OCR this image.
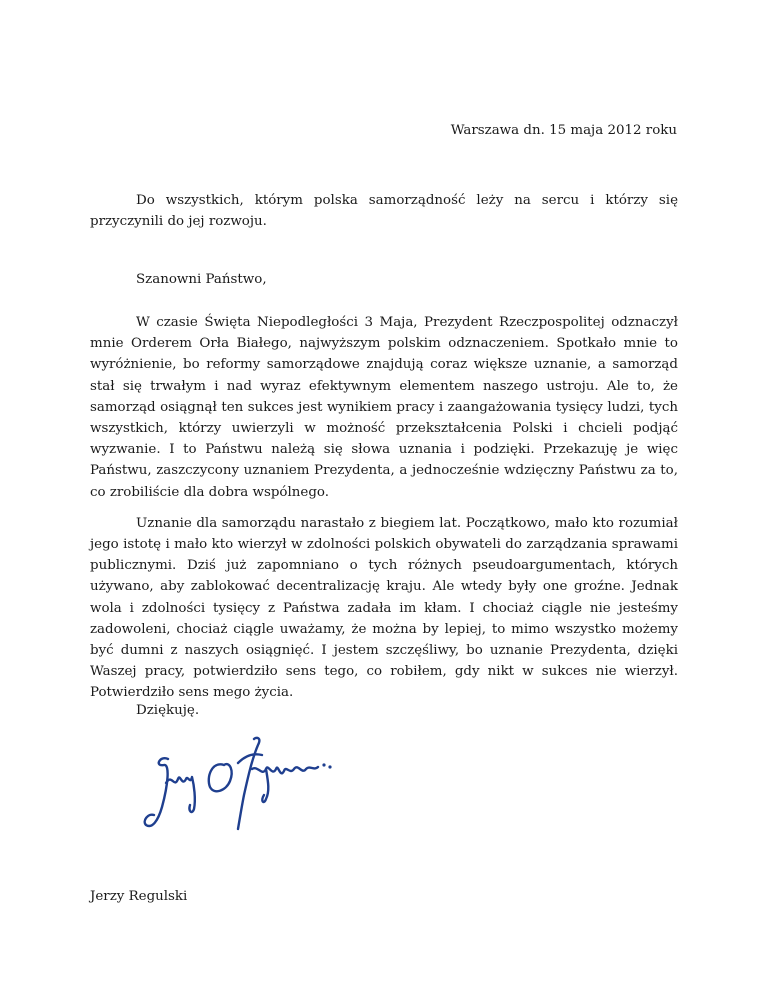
Warszawa dn. 15 maja 2012 roku
Do wszystkich, którym polska samorządność leży na sercu i którzy się przyczynili do jej rozwoju.
Szanowni Państwo,

W czasie Święta Niepodległości 3 Maja, Prezydent Rzeczpospolitej odznaczył mnie Orderem Orła Białego, najwyższym polskim odznaczeniem. Spotkało mnie to wyróżnienie, bo reformy samorządowe znajdują coraz większe uznanie, a samorząd stał się trwałym i nad wyraz efektywnym elementem naszego ustroju. Ale to, że samorząd osiągnął ten sukces jest wynikiem pracy i zaangażowania tysięcy ludzi, tych wszystkich, którzy uwierzyli w możność przekształcenia Polski i chcieli podjąć wyzwanie. I to Państwu należą się słowa uznania i podzięki. Przekazuję je więc Państwu, zaszczycony uznaniem Prezydenta, a jednocześnie wdzięczny Państwu za to, co zrobiliście dla dobra wspólnego.

Uznanie dla samorządu narastało z biegiem lat. Początkowo, mało kto rozumiał jego istotę i mało kto wierzył w zdolności polskich obywateli do zarządzania sprawami publicznymi. Dziś już zapomniano o tych różnych pseudoargumentach, których używano, aby zablokować decentralizację kraju. Ale wtedy były one groźne. Jednak wola i zdolności tysięcy z Państwa zadała im kłam. I chociaż ciągle nie jesteśmy zadowoleni, chociaż ciągle uważamy, że można by lepiej, to mimo wszystko możemy być dumni z naszych osiągnięć. I jestem szczęśliwy, bo uznanie Prezydenta, dzięki Waszej pracy, potwierdziło sens tego, co robiłem, gdy nikt w sukces nie wierzył. Potwierdziło sens mego życia.

Dziękuję.
Jerzy Regulski
